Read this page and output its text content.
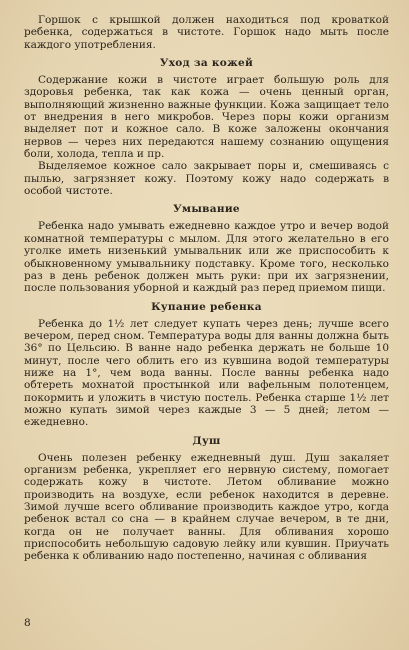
Горшок с крышкой должен находиться под кроваткой ребенка, содержаться в чистоте. Горшок надо мыть после каждого употребления.

Уход за кожей

Содержание кожи в чистоте играет большую роль для здоровья ребенка, так как кожа — очень ценный орган, выполняющий жизненно важные функции. Кожа защищает тело от внедрения в него микробов. Через поры кожи организм выделяет пот и кожное сало. В коже заложены окончания нервов — через них передаются нашему сознанию ощущения боли, холода, тепла и пр.

Выделяемое кожное сало закрывает поры и, смешиваясь с пылью, загрязняет кожу. Поэтому кожу надо содержать в особой чистоте.

Умывание

Ребенка надо умывать ежедневно каждое утро и вечер водой комнатной температуры с мылом. Для этого желательно в его уголке иметь низенький умывальник или же приспособить к обыкновенному умывальнику подставку. Кроме того, несколько раз в день ребенок должен мыть руки: при их загрязнении, после пользования уборной и каждый раз перед приемом пищи.

Купание ребенка

Ребенка до 1½ лет следует купать через день; лучше всего вечером, перед сном. Температура воды для ванны должна быть 36° по Цельсию. В ванне надо ребенка держать не больше 10 минут, после чего облить его из кувшина водой температуры ниже на 1°, чем вода ванны. После ванны ребенка надо обтереть мохнатой простынкой или вафельным полотенцем, покормить и уложить в чистую постель. Ребенка старше 1½ лет можно купать зимой через каждые 3 — 5 дней; летом — ежедневно.

Душ

Очень полезен ребенку ежедневный душ. Душ закаляет организм ребенка, укрепляет его нервную систему, помогает содержать кожу в чистоте. Летом обливание можно производить на воздухе, если ребенок находится в деревне. Зимой лучше всего обливание производить каждое утро, когда ребенок встал со сна — в крайнем случае вечером, в те дни, когда он не получает ванны. Для обливания хорошо приспособить небольшую садовую лейку или кувшин. Приучать ребенка к обливанию надо постепенно, начиная с обливания

8
